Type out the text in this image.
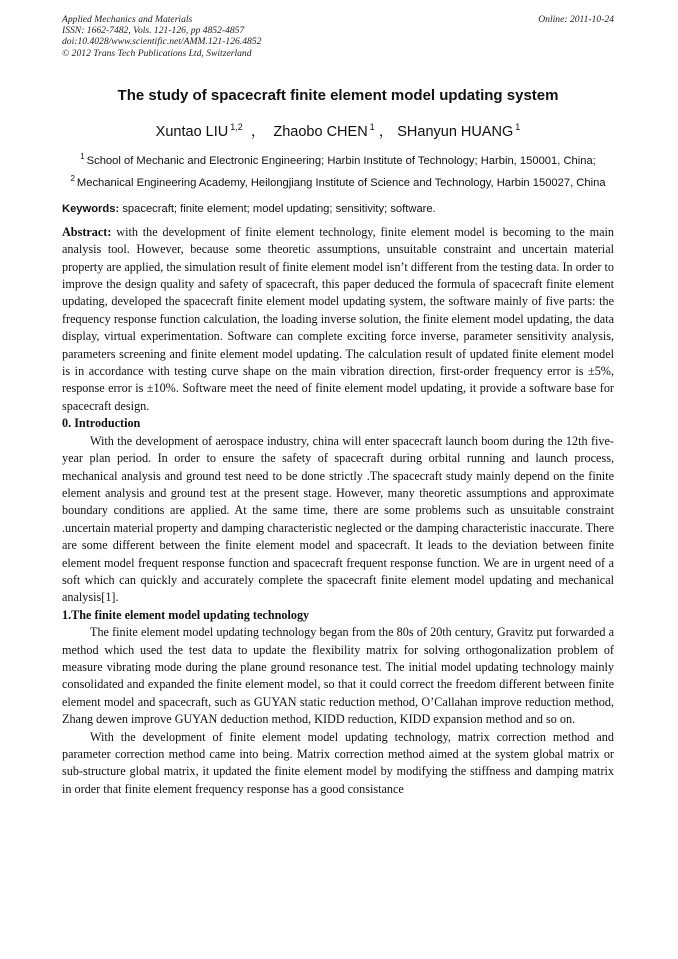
Applied Mechanics and Materials	Online: 2011-10-24
ISSN: 1662-7482, Vols. 121-126, pp 4852-4857
doi:10.4028/www.scientific.net/AMM.121-126.4852
© 2012 Trans Tech Publications Ltd, Switzerland
The study of spacecraft finite element model updating system
Xuntao LIU $^{1,2}$ ， Zhaobo CHEN $^1$ ， SHanyun HUANG $^1$
$^1$ School of Mechanic and Electronic Engineering; Harbin Institute of Technology; Harbin, 150001, China;
$^2$ Mechanical Engineering Academy, Heilongjiang Institute of Science and Technology, Harbin 150027, China
Keywords: spacecraft; finite element; model updating; sensitivity; software.
Abstract: with the development of finite element technology, finite element model is becoming to the main analysis tool. However, because some theoretic assumptions, unsuitable constraint and uncertain material property are applied, the simulation result of finite element model isn’t different from the testing data. In order to improve the design quality and safety of spacecraft, this paper deduced the formula of spacecraft finite element updating, developed the spacecraft finite element model updating system, the software mainly of five parts: the frequency response function calculation, the loading inverse solution, the finite element model updating, the data display, virtual experimentation. Software can complete exciting force inverse, parameter sensitivity analysis, parameters screening and finite element model updating. The calculation result of updated finite element model is in accordance with testing curve shape on the main vibration direction, first-order frequency error is ±5%, response error is ±10%. Software meet the need of finite element model updating, it provide a software base for spacecraft design.
0. Introduction

With the development of aerospace industry, china will enter spacecraft launch boom during the 12th five-year plan period. In order to ensure the safety of spacecraft during orbital running and launch process, mechanical analysis and ground test need to be done strictly .The spacecraft study mainly depend on the finite element analysis and ground test at the present stage. However, many theoretic assumptions and approximate boundary conditions are applied. At the same time, there are some problems such as unsuitable constraint .uncertain material property and damping characteristic neglected or the damping characteristic inaccurate. There are some different between the finite element model and spacecraft. It leads to the deviation between finite element model frequent response function and spacecraft frequent response function. We are in urgent need of a soft which can quickly and accurately complete the spacecraft finite element model updating and mechanical analysis[1].

1.The finite element model updating technology

The finite element model updating technology began from the 80s of 20th century, Gravitz put forwarded a method which used the test data to update the flexibility matrix for solving orthogonalization problem of measure vibrating mode during the plane ground resonance test. The initial model updating technology mainly consolidated and expanded the finite element model, so that it could correct the freedom different between finite element model and spacecraft, such as GUYAN static reduction method, O’Callahan improve reduction method, Zhang dewen improve GUYAN deduction method, KIDD reduction, KIDD expansion method and so on.

With the development of finite element model updating technology, matrix correction method and parameter correction method came into being. Matrix correction method aimed at the system global matrix or sub-structure global matrix, it updated the finite element model by modifying the stiffness and damping matrix in order that finite element frequency response has a good consistance
